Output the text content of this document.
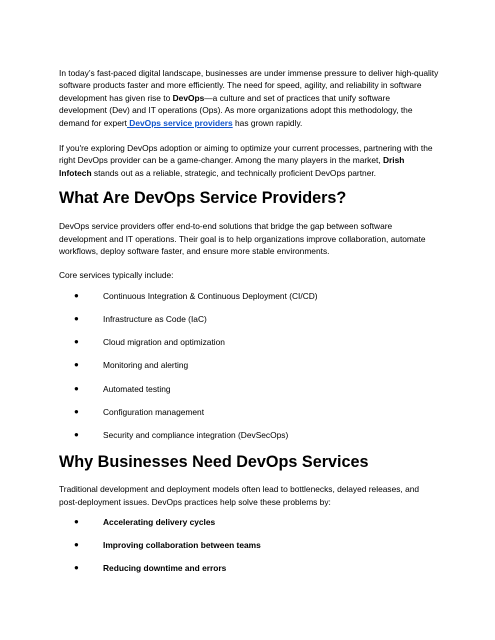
In today’s fast-paced digital landscape, businesses are under immense pressure to deliver high-quality software products faster and more efficiently. The need for speed, agility, and reliability in software development has given rise to DevOps—a culture and set of practices that unify software development (Dev) and IT operations (Ops). As more organizations adopt this methodology, the demand for expert DevOps service providers has grown rapidly.

If you're exploring DevOps adoption or aiming to optimize your current processes, partnering with the right DevOps provider can be a game-changer. Among the many players in the market, Drish Infotech stands out as a reliable, strategic, and technically proficient DevOps partner.

What Are DevOps Service Providers?

DevOps service providers offer end-to-end solutions that bridge the gap between software development and IT operations. Their goal is to help organizations improve collaboration, automate workflows, deploy software faster, and ensure more stable environments.

Core services typically include:

●	Continuous Integration & Continuous Deployment (CI/CD)
●	Infrastructure as Code (IaC)
●	Cloud migration and optimization
●	Monitoring and alerting
●	Automated testing
●	Configuration management
●	Security and compliance integration (DevSecOps)
Why Businesses Need DevOps Services

Traditional development and deployment models often lead to bottlenecks, delayed releases, and post-deployment issues. DevOps practices help solve these problems by:

●	Accelerating delivery cycles
●	Improving collaboration between teams
●	Reducing downtime and errors
